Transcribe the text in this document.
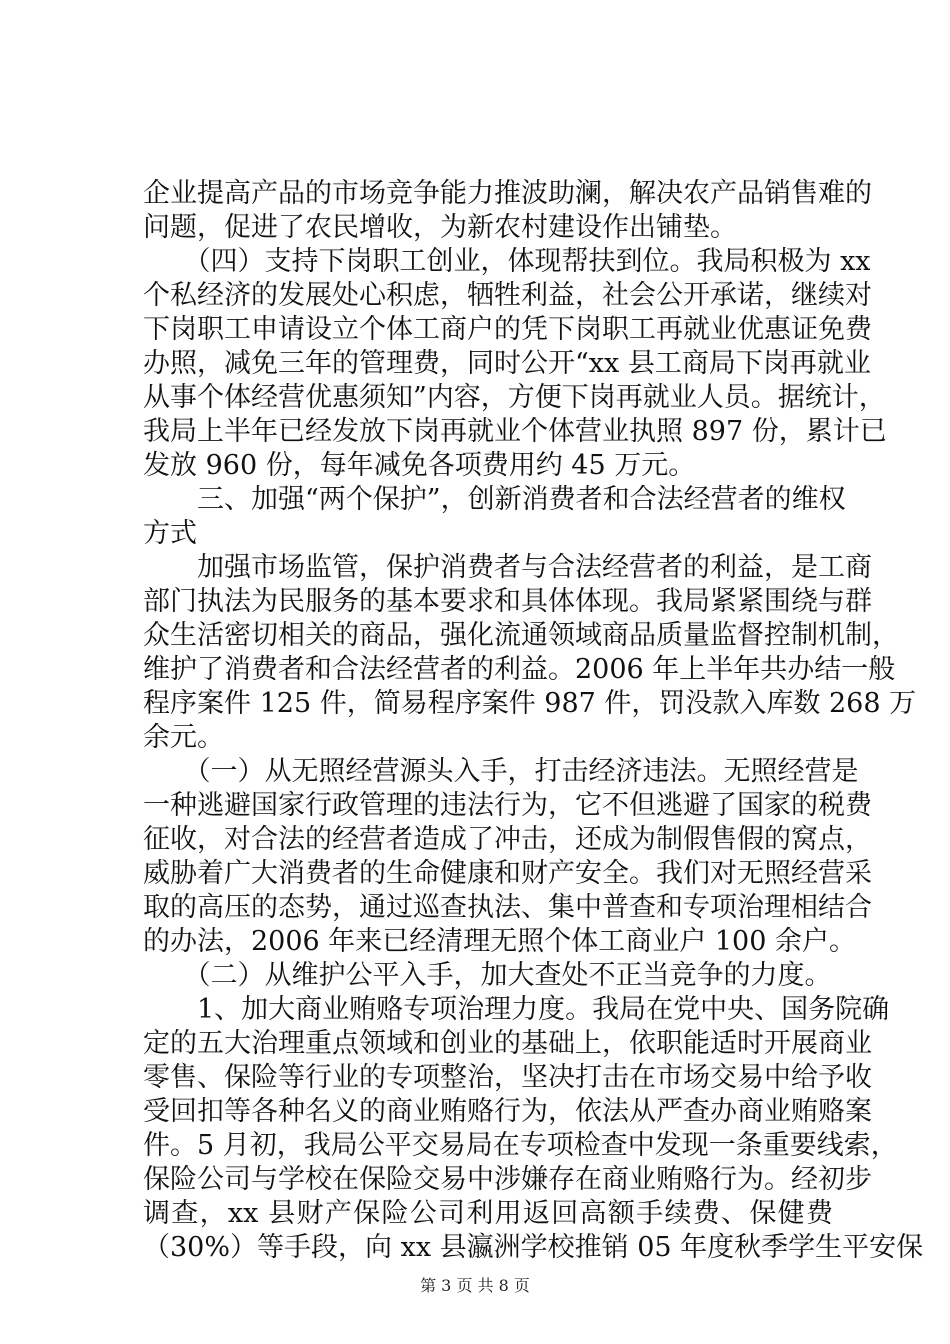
企业提高产品的市场竞争能力推波助澜，解决农产品销售难的
问题，促进了农民增收，为新农村建设作出铺垫。
　　（四）支持下岗职工创业，体现帮扶到位。我局积极为 xx
个私经济的发展处心积虑，牺牲利益，社会公开承诺，继续对
下岗职工申请设立个体工商户的凭下岗职工再就业优惠证免费
办照，减免三年的管理费，同时公开“xx 县工商局下岗再就业
从事个体经营优惠须知”内容，方便下岗再就业人员。据统计，
我局上半年已经发放下岗再就业个体营业执照 897 份，累计已
发放 960 份，每年减免各项费用约 45 万元。
　　三、加强“两个保护”，创新消费者和合法经营者的维权
方式
　　加强市场监管，保护消费者与合法经营者的利益，是工商
部门执法为民服务的基本要求和具体体现。我局紧紧围绕与群
众生活密切相关的商品，强化流通领域商品质量监督控制机制，
维护了消费者和合法经营者的利益。2006 年上半年共办结一般
程序案件 125 件，简易程序案件 987 件，罚没款入库数 268 万
余元。
　　（一）从无照经营源头入手，打击经济违法。无照经营是
一种逃避国家行政管理的违法行为，它不但逃避了国家的税费
征收，对合法的经营者造成了冲击，还成为制假售假的窝点，
威胁着广大消费者的生命健康和财产安全。我们对无照经营采
取的高压的态势，通过巡查执法、集中普查和专项治理相结合
的办法，2006 年来已经清理无照个体工商业户 100 余户。
　　（二）从维护公平入手，加大查处不正当竞争的力度。
　　1、加大商业贿赂专项治理力度。我局在党中央、国务院确
定的五大治理重点领域和创业的基础上，依职能适时开展商业
零售、保险等行业的专项整治，坚决打击在市场交易中给予收
受回扣等各种名义的商业贿赂行为，依法从严查办商业贿赂案
件。5 月初，我局公平交易局在专项检查中发现一条重要线索，
保险公司与学校在保险交易中涉嫌存在商业贿赂行为。经初步
调查，xx 县财产保险公司利用返回高额手续费、保健费
（30%）等手段，向 xx 县瀛洲学校推销 05 年度秋季学生平安保
第 3 页 共 8 页
